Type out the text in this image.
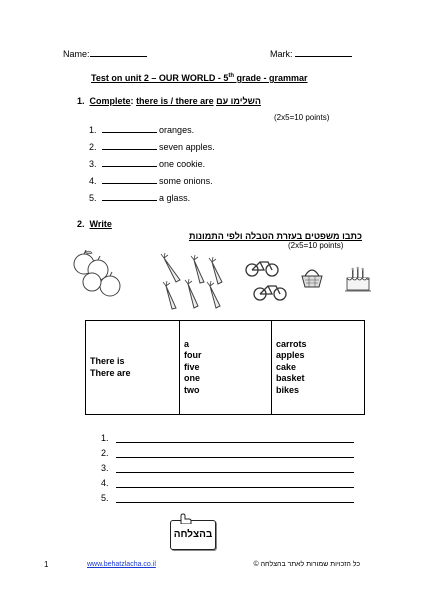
Name:	Mark:
Test on unit 2 – OUR WORLD - 5th grade - grammar
1. Complete: there is / there are השלימו עם
(2x5=10 points)
1.	oranges.
2.	seven apples.
3.	one cookie.
4.	some onions.
5.	a glass.
2. Write
כתבו משפטים בעזרת הטבלה ולפי התמונות
(2x5=10 points)
There is
There are

a
four
five
one
two

carrots
apples
cake
basket
bikes
1.
2.
3.
4.
5.
בהצלחה
1	www.behatzlacha.co.il	כל הזכויות שמורות לאתר בהצלחה ©
